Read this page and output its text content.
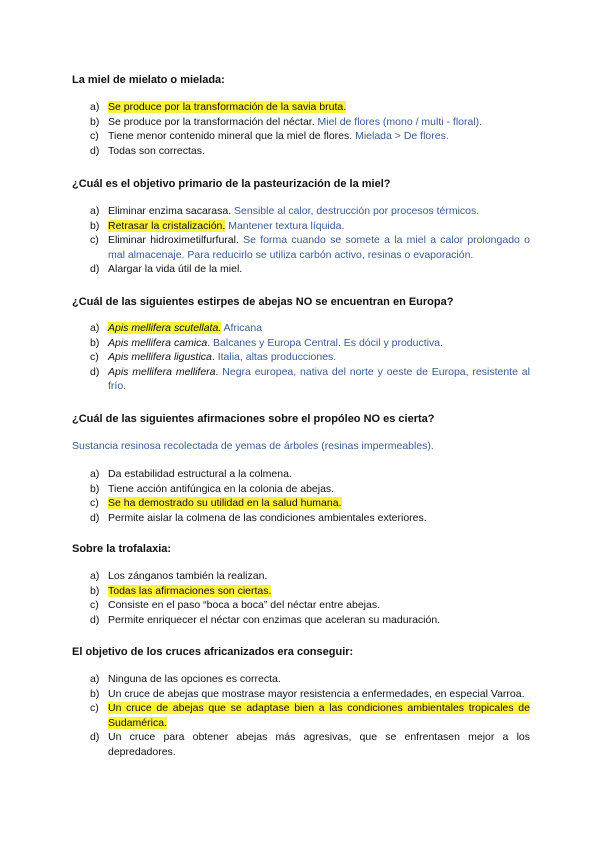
La miel de mielato o mielada:

a) Se produce por la transformación de la savia bruta.
b) Se produce por la transformación del néctar. Miel de flores (mono / multi - floral).
c) Tiene menor contenido mineral que la miel de flores. Mielada > De flores.
d) Todas son correctas.

¿Cuál es el objetivo primario de la pasteurización de la miel?

a) Eliminar enzima sacarasa. Sensible al calor, destrucción por procesos térmicos.
b) Retrasar la cristalización. Mantener textura líquida.
c) Eliminar hidroximetilfurfural. Se forma cuando se somete a la miel a calor prolongado o mal almacenaje. Para reducirlo se utiliza carbón activo, resinas o evaporación.
d) Alargar la vida útil de la miel.

¿Cuál de las siguientes estirpes de abejas NO se encuentran en Europa?

a) Apis mellifera scutellata. Africana
b) Apis mellifera camica. Balcanes y Europa Central. Es dócil y productiva.
c) Apis mellifera ligustica. Italia, altas producciones.
d) Apis mellifera mellifera. Negra europea, nativa del norte y oeste de Europa, resistente al frío.

¿Cuál de las siguientes afirmaciones sobre el propóleo NO es cierta?

Sustancia resinosa recolectada de yemas de árboles (resinas impermeables).

a) Da estabilidad estructural a la colmena.
b) Tiene acción antifúngica en la colonia de abejas.
c) Se ha demostrado su utilidad en la salud humana.
d) Permite aislar la colmena de las condiciones ambientales exteriores.

Sobre la trofalaxia:

a) Los zánganos también la realizan.
b) Todas las afirmaciones son ciertas.
c) Consiste en el paso “boca a boca” del néctar entre abejas.
d) Permite enriquecer el néctar con enzimas que aceleran su maduración.

El objetivo de los cruces africanizados era conseguir:

a) Ninguna de las opciones es correcta.
b) Un cruce de abejas que mostrase mayor resistencia a enfermedades, en especial Varroa.
c) Un cruce de abejas que se adaptase bien a las condiciones ambientales tropicales de Sudamérica.
d) Un cruce para obtener abejas más agresivas, que se enfrentasen mejor a los depredadores.
